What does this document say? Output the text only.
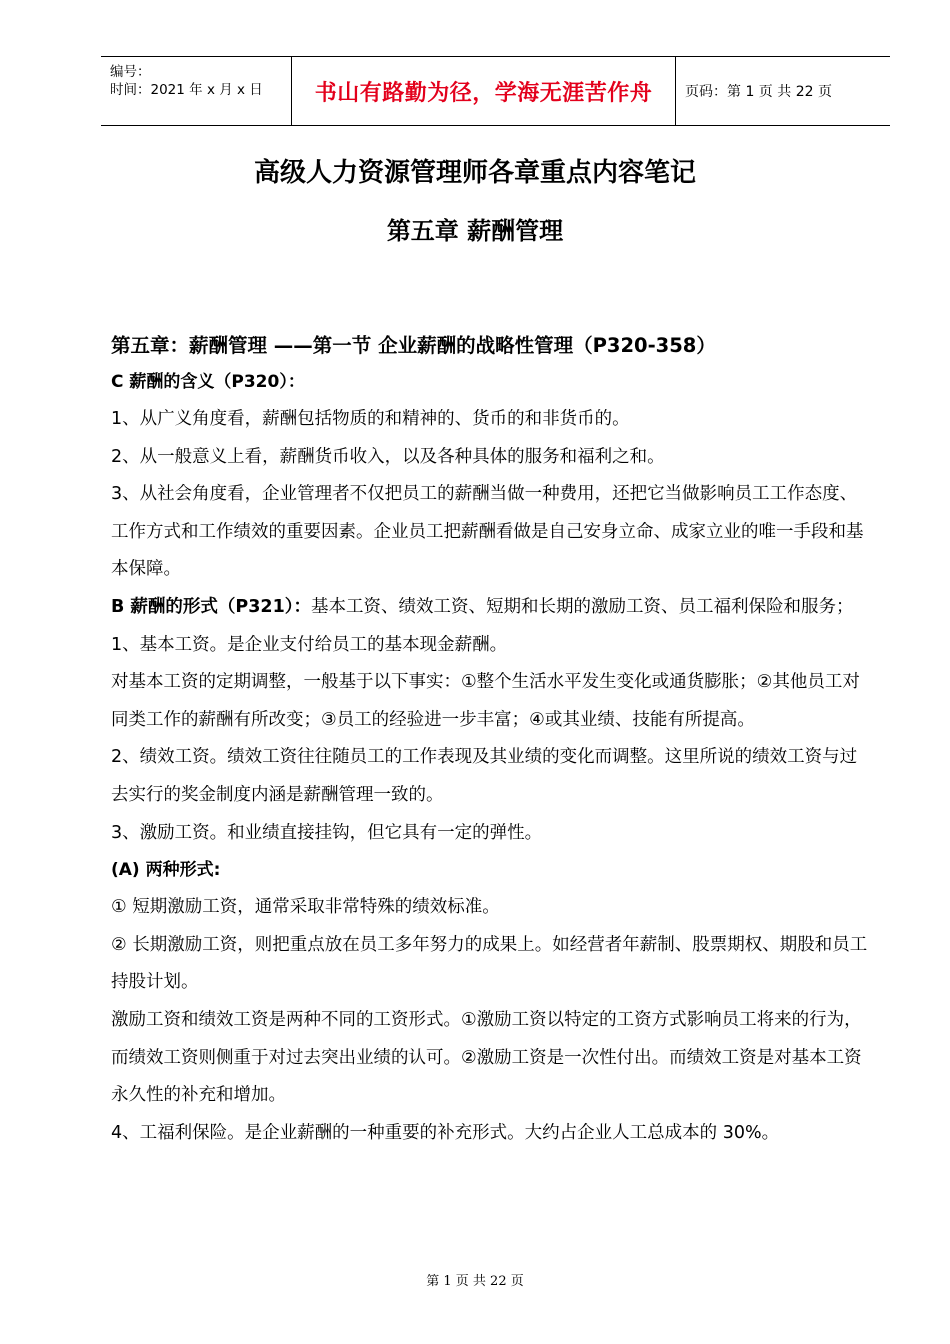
编号：
时间：2021 年 x 月 x 日	书山有路勤为径，学海无涯苦作舟	页码：第 1 页 共 22 页
高级人力资源管理师各章重点内容笔记
第五章 薪酬管理
第五章：薪酬管理 ——第一节 企业薪酬的战略性管理（P320-358）
C 薪酬的含义（P320）：

1、从广义角度看，薪酬包括物质的和精神的、货币的和非货币的。

2、从一般意义上看，薪酬货币收入，以及各种具体的服务和福利之和。

3、从社会角度看，企业管理者不仅把员工的薪酬当做一种费用，还把它当做影响员工工作态度、工作方式和工作绩效的重要因素。企业员工把薪酬看做是自己安身立命、成家立业的唯一手段和基本保障。

B 薪酬的形式（P321）：基本工资、绩效工资、短期和长期的激励工资、员工福利保险和服务；

1、基本工资。是企业支付给员工的基本现金薪酬。

对基本工资的定期调整，一般基于以下事实：①整个生活水平发生变化或通货膨胀；②其他员工对同类工作的薪酬有所改变；③员工的经验进一步丰富；④或其业绩、技能有所提高。

2、绩效工资。绩效工资往往随员工的工作表现及其业绩的变化而调整。这里所说的绩效工资与过去实行的奖金制度内涵是薪酬管理一致的。

3、激励工资。和业绩直接挂钩，但它具有一定的弹性。

(A) 两种形式:

① 短期激励工资，通常采取非常特殊的绩效标准。

② 长期激励工资，则把重点放在员工多年努力的成果上。如经营者年薪制、股票期权、期股和员工持股计划。

激励工资和绩效工资是两种不同的工资形式。①激励工资以特定的工资方式影响员工将来的行为，而绩效工资则侧重于对过去突出业绩的认可。②激励工资是一次性付出。而绩效工资是对基本工资永久性的补充和增加。

4、工福利保险。是企业薪酬的一种重要的补充形式。大约占企业人工总成本的 30%。

第 1 页 共 22 页
